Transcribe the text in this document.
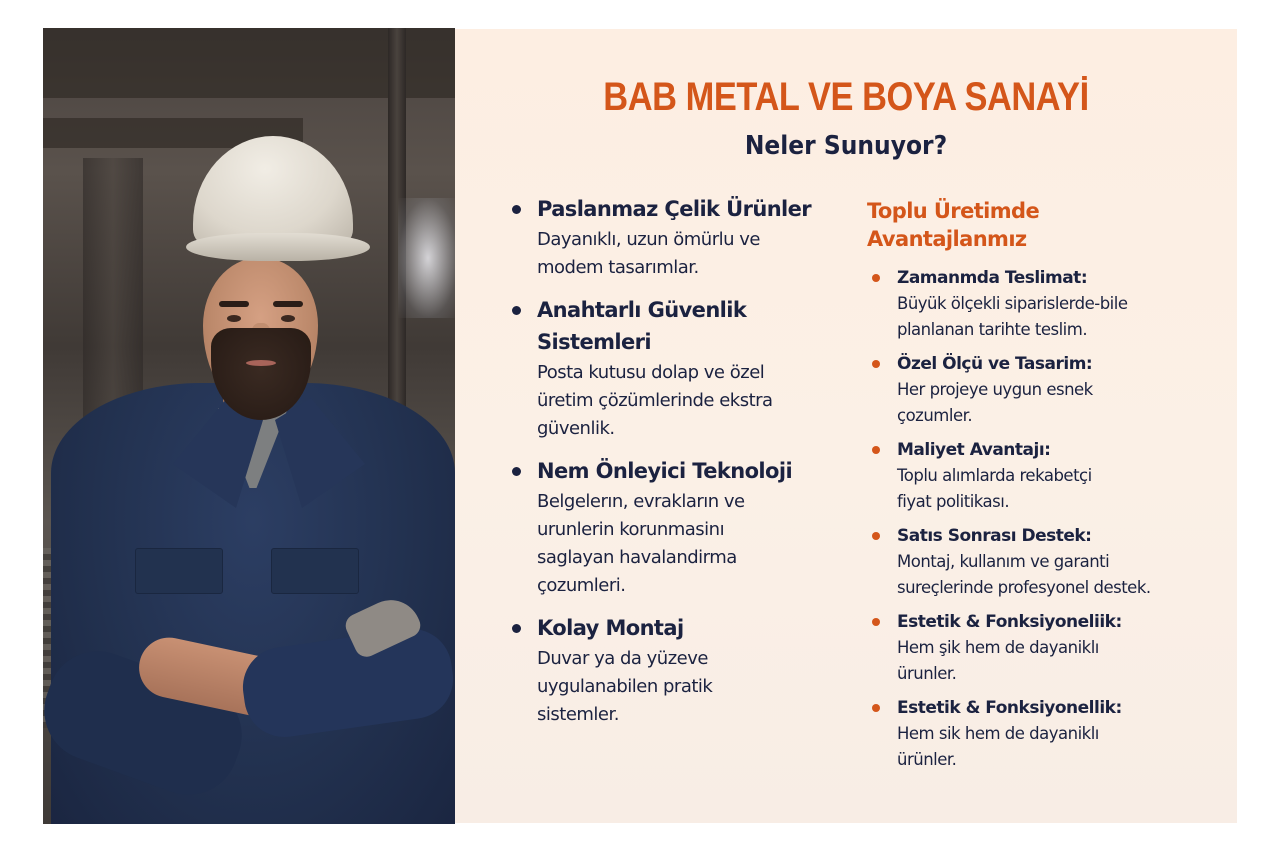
BAB METAL VE BOYA SANAYİ
Neler Sunuyor?
Paslanmaz Çelik Ürünler
Dayanıklı, uzun ömürlu ve
modem tasarımlar.
Anahtarlı Güvenlik
Sistemleri
Posta kutusu dolap ve özel
üretim çözümlerinde ekstra
güvenlik.
Nem Önleyici Teknoloji
Belgelerın, evrakların ve
urunlerin korunmasinı
saglayan havalandirma
çozumleri.
Kolay Montaj
Duvar ya da yüzeve
uygulanabilen pratik
sistemler.
Toplu Üretimde
Avantajlanmız
Zamanmda Teslimat:
Büyük ölçekli siparislerde-bile
planlanan tarihte teslim.
Özel Ölçü ve Tasarim:
Her projeye uygun esnek
çozumler.
Maliyet Avantajı:
Toplu alımlarda rekabetçi
fiyat politikası.
Satıs Sonrası Destek:
Montaj, kullanım ve garanti
sureçlerinde profesyonel destek.
Estetik & Fonksiyoneliik:
Hem şik hem de dayaniklı
ürunler.
Estetik & Fonksiyonellik:
Hem sik hem de dayaniklı
ürünler.
